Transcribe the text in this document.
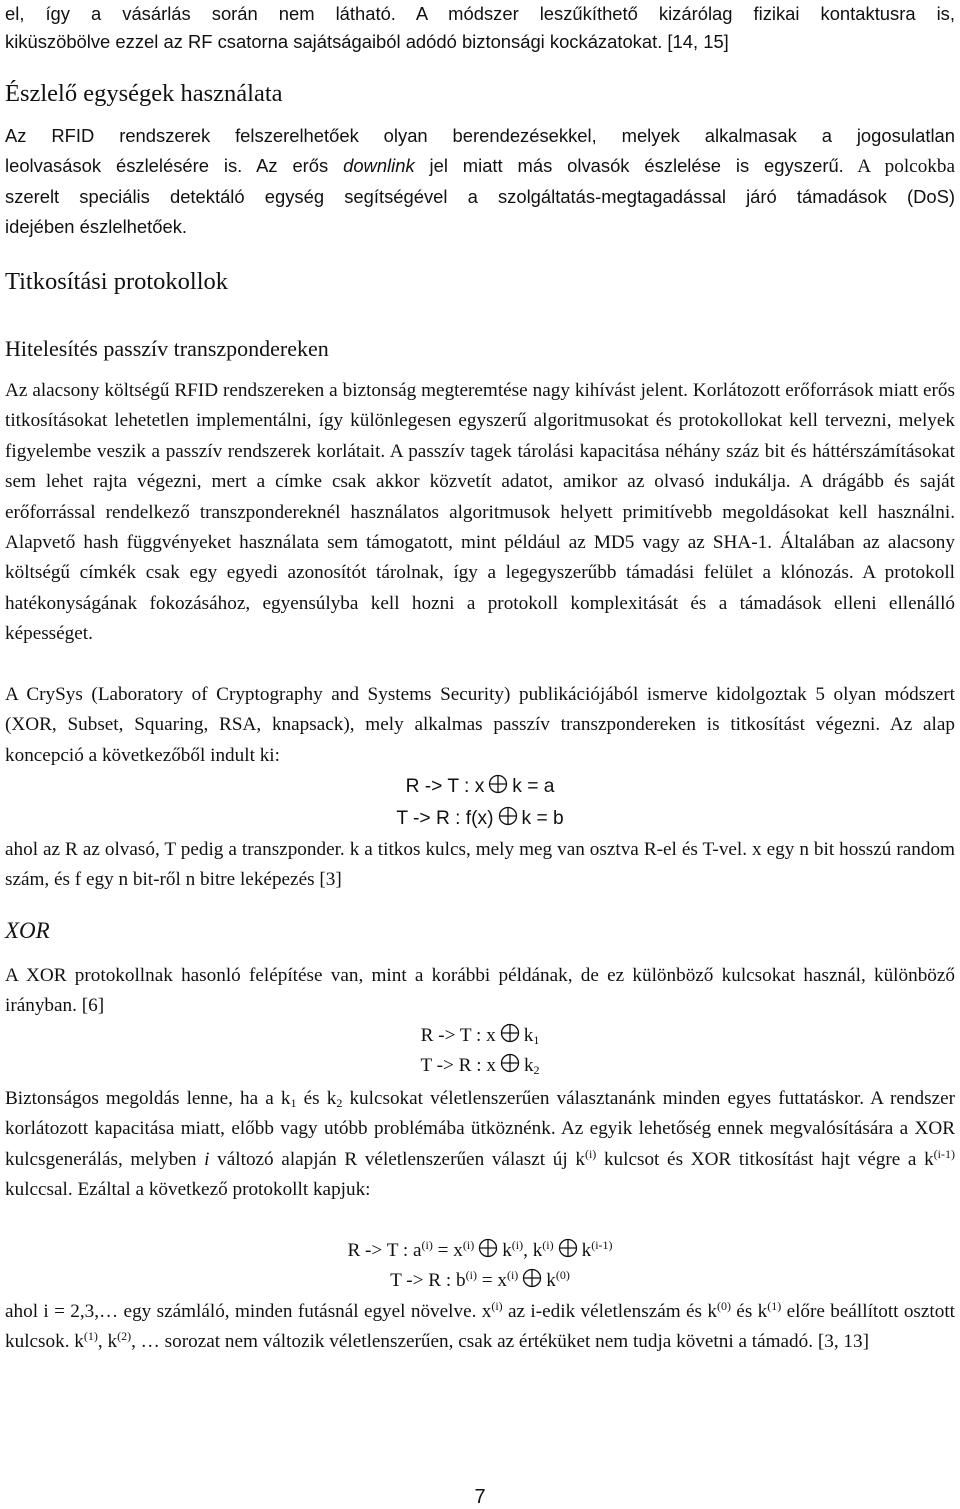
el, így a vásárlás során nem látható. A módszer leszűkíthető kizárólag fizikai kontaktusra is,

kiküszöbölve ezzel az RF csatorna sajátságaiból adódó biztonsági kockázatokat. [14, 15]

Észlelő egységek használata

Az RFID rendszerek felszerelhetőek olyan berendezésekkel, melyek alkalmasak a jogosulatlan

leolvasások észlelésére is. Az erős downlink jel miatt más olvasók észlelése is egyszerű. A polcokba

szerelt speciális detektáló egység segítségével a szolgáltatás-megtagadással járó támadások (DoS)

idejében észlelhetőek.

Titkosítási protokollok
Hitelesítés passzív transzpondereken

Az alacsony költségű RFID rendszereken a biztonság megteremtése nagy kihívást jelent. Korlátozott erőforrások miatt erős titkosításokat lehetetlen implementálni, így különlegesen egyszerű algoritmusokat és protokollokat kell tervezni, melyek figyelembe veszik a passzív rendszerek korlátait. A passzív tagek tárolási kapacitása néhány száz bit és háttérszámításokat sem lehet rajta végezni, mert a címke csak akkor közvetít adatot, amikor az olvasó indukálja. A drágább és saját erőforrással rendelkező transzpondereknél használatos algoritmusok helyett primitívebb megoldásokat kell használni. Alapvető hash függvényeket használata sem támogatott, mint például az MD5 vagy az SHA-1. Általában az alacsony költségű címkék csak egy egyedi azonosítót tárolnak, így a legegyszerűbb támadási felület a klónozás. A protokoll hatékonyságának fokozásához, egyensúlyba kell hozni a protokoll komplexitását és a támadások elleni ellenálló képességet.

A CrySys (Laboratory of Cryptography and Systems Security) publikációjából ismerve kidolgoztak 5 olyan módszert (XOR, Subset, Squaring, RSA, knapsack), mely alkalmas passzív transzpondereken is titkosítást végezni. Az alap koncepció a következőből indult ki:

R -> T : x k = a

T -> R : f(x) k = b

ahol az R az olvasó, T pedig a transzponder. k a titkos kulcs, mely meg van osztva R-el és T-vel. x egy n bit hosszú random szám, és f egy n bit-ről n bitre leképezés [3]

XOR

A XOR protokollnak hasonló felépítése van, mint a korábbi példának, de ez különböző kulcsokat használ, különböző irányban. [6]

R -> T : x $k_1$

T -> R : x $k_2$

Biztonságos megoldás lenne, ha a $k_1$ és $k_2$ kulcsokat véletlenszerűen választanánk minden egyes futtatáskor. A rendszer korlátozott kapacitása miatt, előbb vagy utóbb problémába ütköznénk. Az egyik lehetőség ennek megvalósítására a XOR kulcsgenerálás, melyben i változó alapján R véletlenszerűen választ új $k^{(i)}$ kulcsot és XOR titkosítást hajt végre a $k^{(i-1)}$ kulccsal. Ezáltal a következő protokollt kapjuk:

R -> T : $a^{(i)} = x^{(i)}$ $k^{(i)}$, $k^{(i)}$ $k^{(i-1)}$

T -> R : $b^{(i)} = x^{(i)}$ $k^{(0)}$

ahol i = 2,3,… egy számláló, minden futásnál egyel növelve. $x^{(i)}$ az i-edik véletlenszám és $k^{(0)}$ és $k^{(1)}$ előre beállított osztott kulcsok. $k^{(1)}$, $k^{(2)}$, … sorozat nem változik véletlenszerűen, csak az értéküket nem tudja követni a támadó. [3, 13]

7
